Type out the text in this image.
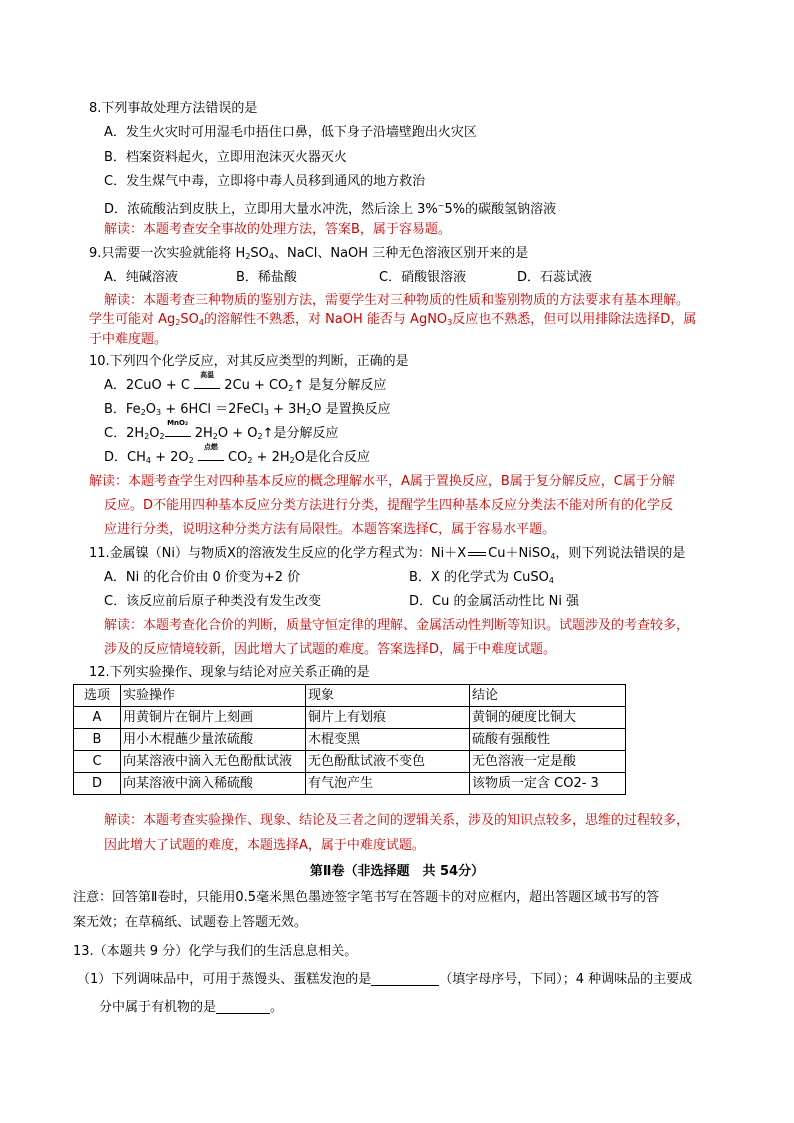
8.下列事故处理方法错误的是
A．发生火灾时可用湿毛巾捂住口鼻，低下身子沿墙壁跑出火灾区
B．档案资料起火，立即用泡沫灭火器灭火
C．发生煤气中毒，立即将中毒人员移到通风的地方救治
D．浓硫酸沾到皮肤上，立即用大量水冲洗，然后涂上 3%~5%的碳酸氢钠溶液
解读：本题考查安全事故的处理方法，答案B，属于容易题。
9.只需要一次实验就能将 $H_2SO_4$、NaCl、NaOH 三种无色溶液区别开来的是
A．纯碱溶液	B．稀盐酸	C．硝酸银溶液	D．石蕊试液
解读：本题考查三种物质的鉴别方法，需要学生对三种物质的性质和鉴别物质的方法要求有基本理解。
学生可能对 $Ag_2SO_4$的溶解性不熟悉，对 NaOH 能否与 AgNO$_3$反应也不熟悉，但可以用排除法选择D，属
于中难度题。
10.下列四个化学反应，对其反应类型的判断，正确的是
A．2CuO + C
高温
$2Cu + CO_2↑$ 是复分解反应
B．$Fe_2O_3 + 6HCl$ ＝2FeCl$_3$ + $3H_2O$ 是置换反应
C．$2H_2O_2$
MnO₂
$2H_2O$ + $O_2↑$是分解反应
D．$CH_4 + 2O_2$
点燃
$CO_2 + 2H_2O$是化合反应
解读：本题考查学生对四种基本反应的概念理解水平，A属于置换反应，B属于复分解反应，C属于分解
反应。D不能用四种基本反应分类方法进行分类，提醒学生四种基本反应分类法不能对所有的化学反
应进行分类，说明这种分类方法有局限性。本题答案选择C，属于容易水平题。
11.金属镍（Ni）与物质X的溶液发生反应的化学方程式为：Ni＋X Cu＋NiSO$_4$，则下列说法错误的是
A．Ni 的化合价由 0 价变为+2 价	B．X 的化学式为 CuSO$_4$
C．该反应前后原子种类没有发生改变	D．Cu 的金属活动性比 Ni 强
解读：本题考查化合价的判断，质量守恒定律的理解、金属活动性判断等知识。试题涉及的考查较多，
涉及的反应情境较新，因此增大了试题的难度。答案选择D，属于中难度试题。
12.下列实验操作、现象与结论对应关系正确的是
选项	实验操作	现象	结论
A	用黄铜片在铜片上刻画	铜片上有划痕	黄铜的硬度比铜大
B	用小木棍蘸少量浓硫酸	木棍变黑	硫酸有强酸性
C	向某溶液中滴入无色酚酞试液	无色酚酞试液不变色	无色溶液一定是酸
D	向某溶液中滴入稀硫酸	有气泡产生	该物质一定含 CO2- 3
解读：本题考查实验操作、现象、结论及三者之间的逻辑关系，涉及的知识点较多，思维的过程较多，
因此增大了试题的难度，本题选择A，属于中难度试题。
第Ⅱ卷（非选择题　共 54分）
注意：回答第Ⅱ卷时，只能用0.5毫米黑色墨迹签字笔书写在答题卡的对应框内，超出答题区域书写的答
案无效；在草稿纸、试题卷上答题无效。
13.（本题共 9 分）化学与我们的生活息息相关。
（1）下列调味品中，可用于蒸馒头、蛋糕发泡的是	（填字母序号，下同）；4 种调味品的主要成
分中属于有机物的是	。
